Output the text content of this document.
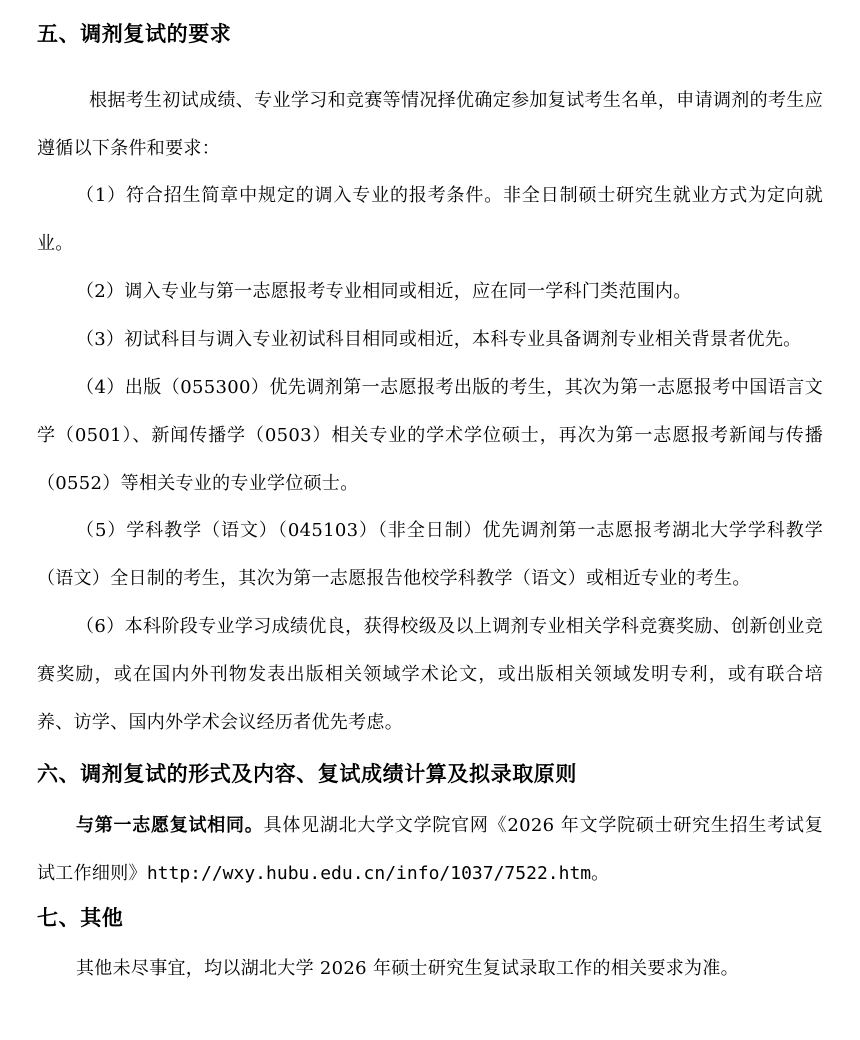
五、调剂复试的要求

根据考生初试成绩、专业学习和竞赛等情况择优确定参加复试考生名单，申请调剂的考生应遵循以下条件和要求：

（1）符合招生简章中规定的调入专业的报考条件。非全日制硕士研究生就业方式为定向就业。

（2）调入专业与第一志愿报考专业相同或相近，应在同一学科门类范围内。

（3）初试科目与调入专业初试科目相同或相近，本科专业具备调剂专业相关背景者优先。

（4）出版（055300）优先调剂第一志愿报考出版的考生，其次为第一志愿报考中国语言文学（0501）、新闻传播学（0503）相关专业的学术学位硕士，再次为第一志愿报考新闻与传播（0552）等相关专业的专业学位硕士。

（5）学科教学（语文）（045103）（非全日制）优先调剂第一志愿报考湖北大学学科教学（语文）全日制的考生，其次为第一志愿报告他校学科教学（语文）或相近专业的考生。

（6）本科阶段专业学习成绩优良，获得校级及以上调剂专业相关学科竞赛奖励、创新创业竞赛奖励，或在国内外刊物发表出版相关领域学术论文，或出版相关领域发明专利，或有联合培养、访学、国内外学术会议经历者优先考虑。

六、调剂复试的形式及内容、复试成绩计算及拟录取原则

与第一志愿复试相同。具体见湖北大学文学院官网《2026 年文学院硕士研究生招生考试复试工作细则》http://wxy.hubu.edu.cn/info/1037/7522.htm。

七、其他

其他未尽事宜，均以湖北大学 2026 年硕士研究生复试录取工作的相关要求为准。
